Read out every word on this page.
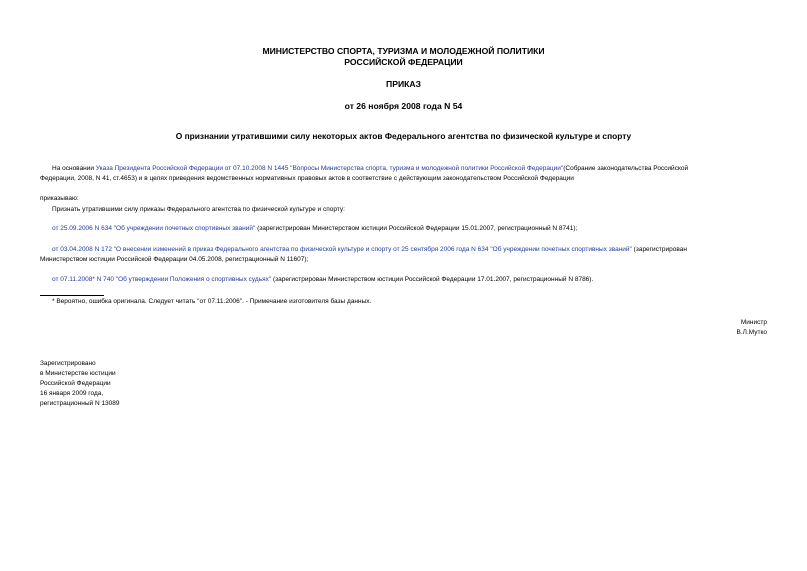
МИНИСТЕРСТВО СПОРТА, ТУРИЗМА И МОЛОДЕЖНОЙ ПОЛИТИКИ
РОССИЙСКОЙ ФЕДЕРАЦИИ
ПРИКАЗ
от 26 ноября 2008 года N 54
О признании утратившими силу некоторых актов Федерального агентства по физической культуре и спорту
На основании Указа Президента Российской Федерации от 07.10.2008 N 1445 "Вопросы Министерства спорта, туризма и молодежной политики Российской Федерации"(Собрание законодательства Российской
Федерации, 2008, N 41, ст.4653) и в целях приведения ведомственных нормативных правовых актов в соответствие с действующим законодательством Российской Федерации
приказываю:
Признать утратившими силу приказы Федерального агентства по физической культуре и спорту:
от 25.09.2006 N 634 "Об учреждении почетных спортивных званий" (зарегистрирован Министерством юстиции Российской Федерации 15.01.2007, регистрационный N 8741);
от 03.04.2008 N 172 "О внесении изменений в приказ Федерального агентства по физической культуре и спорту от 25 сентября 2006 года N 634 "Об учреждении почетных спортивных званий" (зарегистрирован
Министерством юстиции Российской Федерации 04.05.2008, регистрационный N 11607);
от 07.11.2008* N 740 "Об утверждении Положения о спортивных судьях" (зарегистрирован Министерством юстиции Российской Федерации 17.01.2007, регистрационный N 8786).
* Вероятно, ошибка оригинала. Следует читать "от 07.11.2006". - Примечание изготовителя базы данных.
Министр
В.Л.Мутко
Зарегистрировано
в Министерстве юстиции
Российской Федерации
16 января 2009 года,
регистрационный N 13089
